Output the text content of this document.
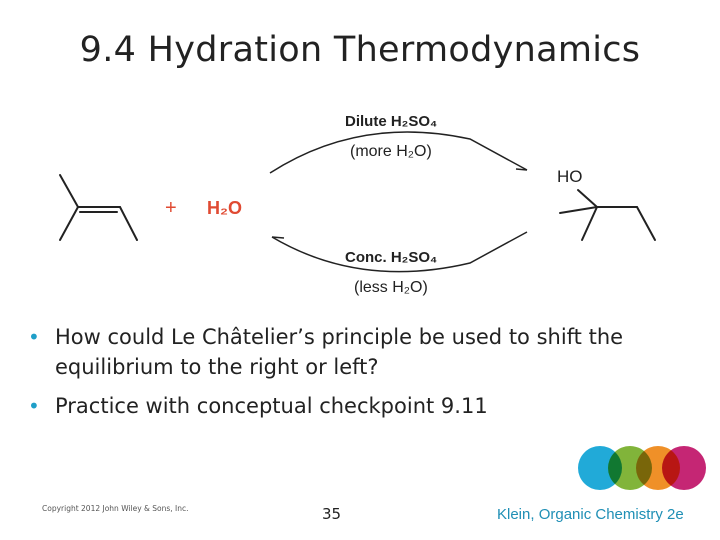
9.4 Hydration Thermodynamics
+ H₂O
Dilute H₂SO₄
(more H₂O)
Conc. H₂SO₄
(less H₂O)
HO
• How could Le Châtelier’s principle be used to shift the equilibrium to the right or left?
• Practice with conceptual checkpoint 9.11
Copyright 2012 John Wiley & Sons, Inc.	35	Klein, Organic Chemistry 2e
